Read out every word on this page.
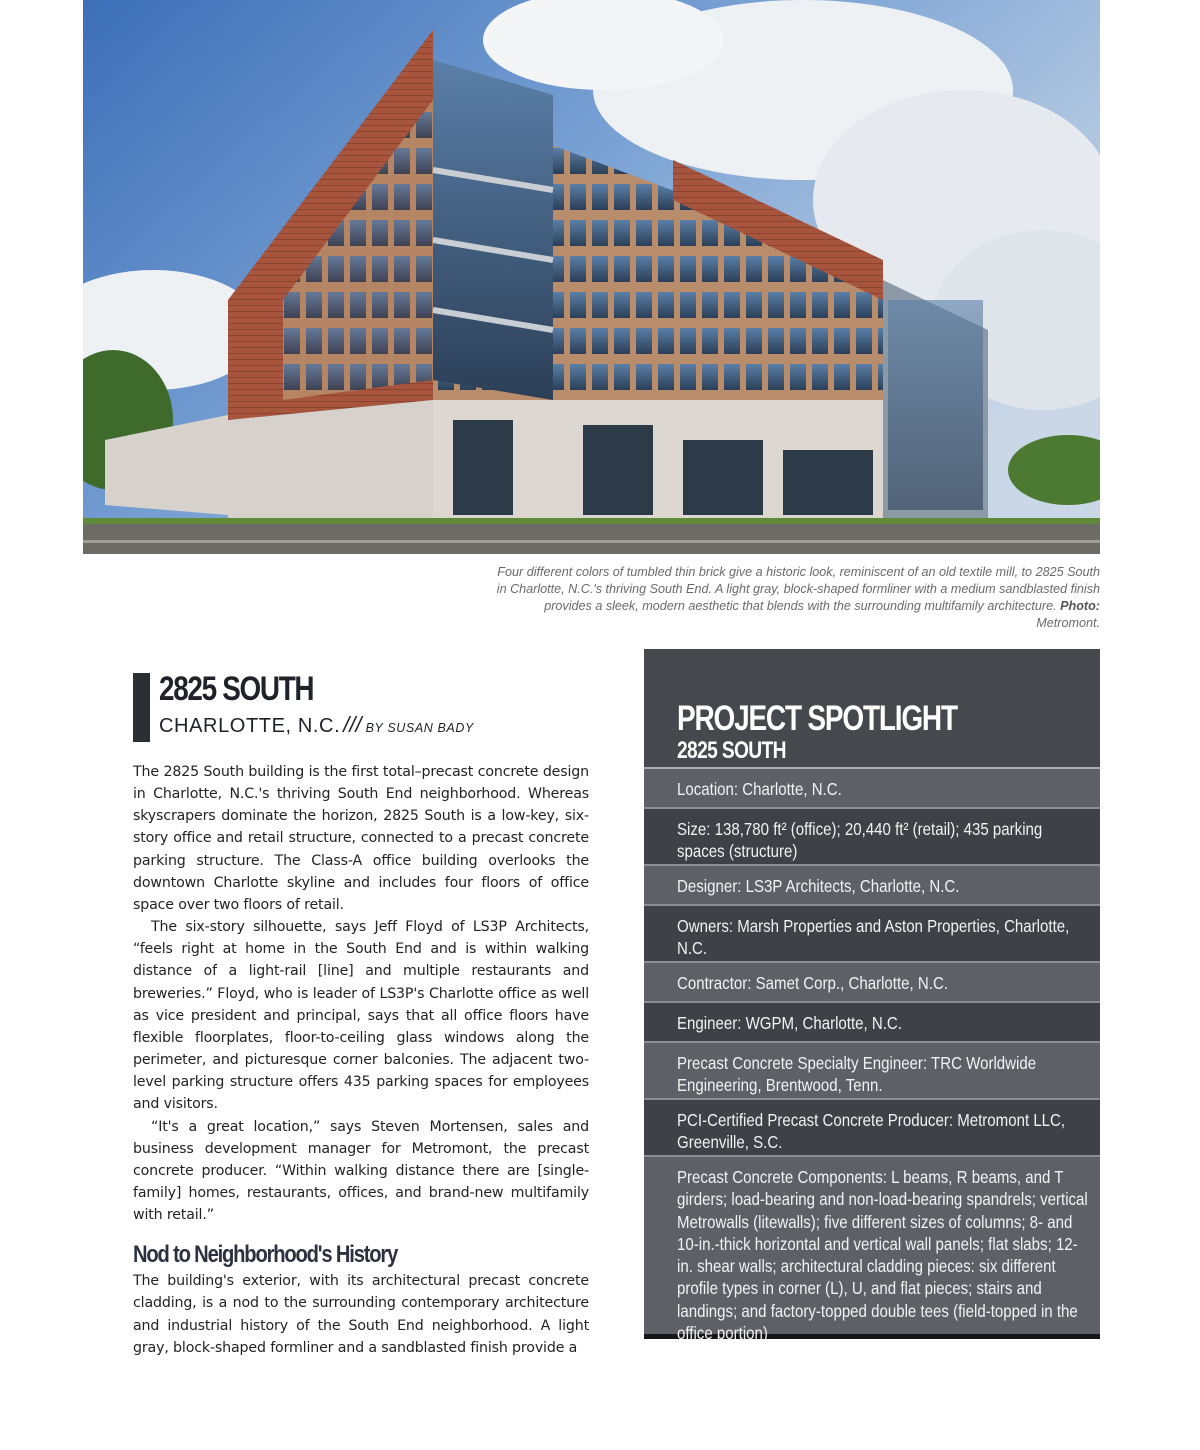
Four different colors of tumbled thin brick give a historic look, reminiscent of an old textile mill, to 2825 South in Charlotte, N.C.'s thriving South End. A light gray, block-shaped formliner with a medium sandblasted finish provides a sleek, modern aesthetic that blends with the surrounding multifamily architecture. Photo: Metromont.
2825 SOUTH
CHARLOTTE, N.C. /// BY SUSAN BADY

The 2825 South building is the first total–precast concrete design in Charlotte, N.C.'s thriving South End neighborhood. Whereas skyscrapers dominate the horizon, 2825 South is a low-key, six-story office and retail structure, connected to a precast concrete parking structure. The Class-A office building overlooks the downtown Charlotte skyline and includes four floors of office space over two floors of retail.

The six-story silhouette, says Jeff Floyd of LS3P Architects, “feels right at home in the South End and is within walking distance of a light-rail [line] and multiple restaurants and breweries.” Floyd, who is leader of LS3P's Charlotte office as well as vice president and principal, says that all office floors have flexible floorplates, floor-to-ceiling glass windows along the perimeter, and picturesque corner balconies. The adjacent two-level parking structure offers 435 parking spaces for employees and visitors.

“It's a great location,” says Steven Mortensen, sales and business development manager for Metromont, the precast concrete producer. “Within walking distance there are [single-family] homes, restaurants, offices, and brand-new multifamily with retail.”

Nod to Neighborhood's History

The building's exterior, with its architectural precast concrete cladding, is a nod to the surrounding contemporary architecture and industrial history of the South End neighborhood. A light gray, block-shaped formliner and a sandblasted finish provide a

PROJECT SPOTLIGHT
2825 SOUTH
Location: Charlotte, N.C.
Size: 138,780 ft² (office); 20,440 ft² (retail); 435 parking spaces (structure)
Designer: LS3P Architects, Charlotte, N.C.
Owners: Marsh Properties and Aston Properties, Charlotte, N.C.
Contractor: Samet Corp., Charlotte, N.C.
Engineer: WGPM, Charlotte, N.C.
Precast Concrete Specialty Engineer: TRC Worldwide Engineering, Brentwood, Tenn.
PCI-Certified Precast Concrete Producer: Metromont LLC, Greenville, S.C.
Precast Concrete Components: L beams, R beams, and T girders; load-bearing and non-load-bearing spandrels; vertical Metrowalls (litewalls); five different sizes of columns; 8- and 10-in.-thick horizontal and vertical wall panels; flat slabs; 12-in. shear walls; architectural cladding pieces: six different profile types in corner (L), U, and flat pieces; stairs and landings; and factory-topped double tees (field-topped in the office portion)
